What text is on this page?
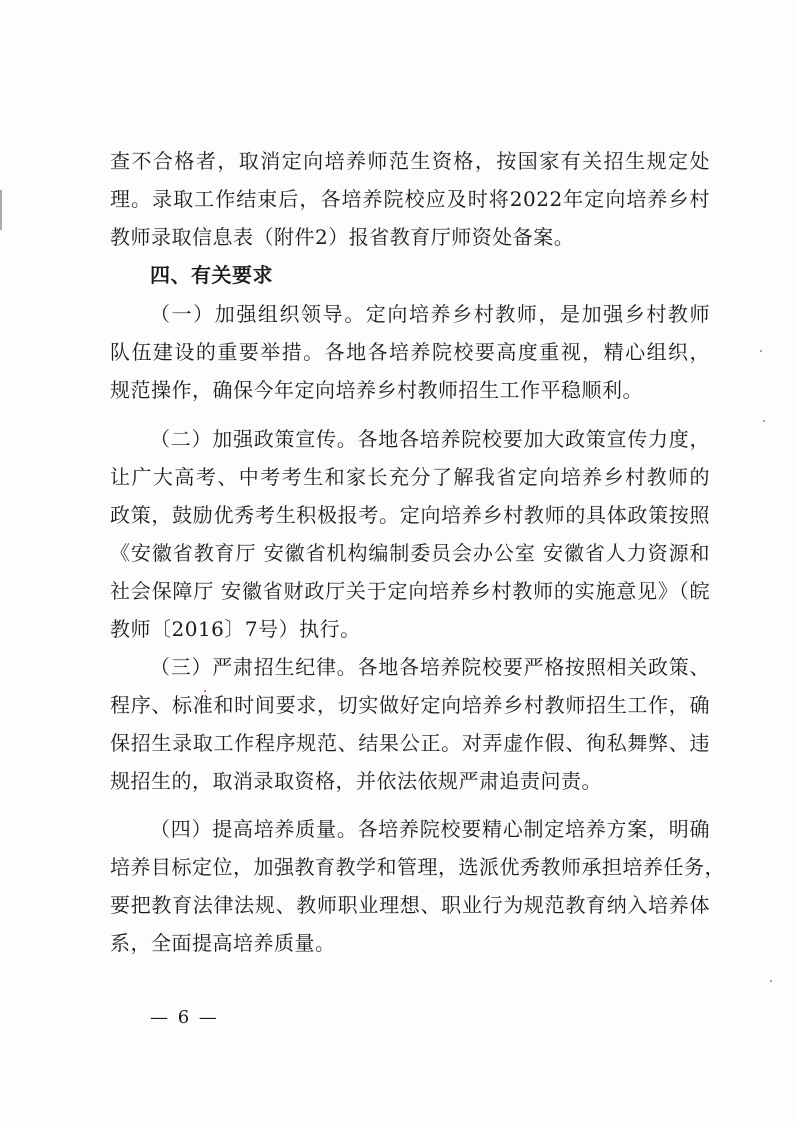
查不合格者，取消定向培养师范生资格，按国家有关招生规定处
理。录取工作结束后，各培养院校应及时将2022年定向培养乡村
教师录取信息表（附件2）报省教育厅师资处备案。
四、有关要求
（一）加强组织领导。定向培养乡村教师，是加强乡村教师
队伍建设的重要举措。各地各培养院校要高度重视，精心组织，
规范操作，确保今年定向培养乡村教师招生工作平稳顺利。
（二）加强政策宣传。各地各培养院校要加大政策宣传力度，
让广大高考、中考考生和家长充分了解我省定向培养乡村教师的
政策，鼓励优秀考生积极报考。定向培养乡村教师的具体政策按照
《安徽省教育厅 安徽省机构编制委员会办公室 安徽省人力资源和
社会保障厅 安徽省财政厅关于定向培养乡村教师的实施意见》（皖
教师〔2016〕7号）执行。
（三）严肃招生纪律。各地各培养院校要严格按照相关政策、
程序、标准和时间要求，切实做好定向培养乡村教师招生工作，确
保招生录取工作程序规范、结果公正。对弄虚作假、徇私舞弊、违
规招生的，取消录取资格，并依法依规严肃追责问责。
（四）提高培养质量。各培养院校要精心制定培养方案，明确
培养目标定位，加强教育教学和管理，选派优秀教师承担培养任务，
要把教育法律法规、教师职业理想、职业行为规范教育纳入培养体
系，全面提高培养质量。
— 6 —
